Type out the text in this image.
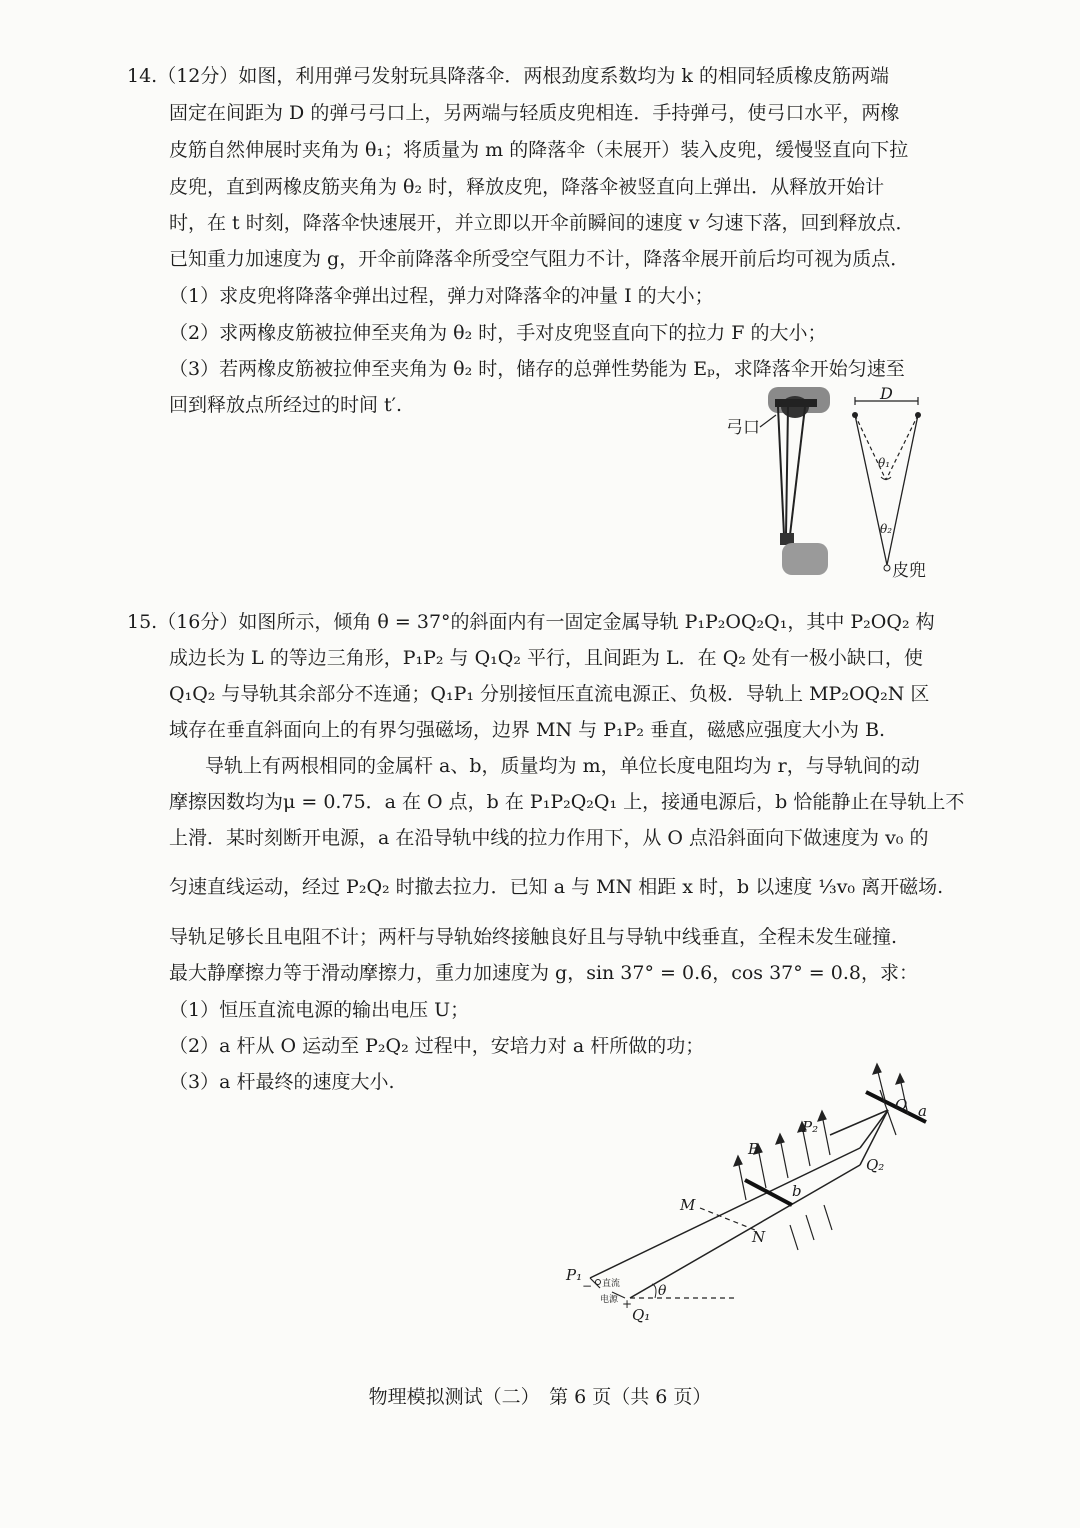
14.（12分）如图，利用弹弓发射玩具降落伞．两根劲度系数均为 k 的相同轻质橡皮筋两端
固定在间距为 D 的弹弓弓口上，另两端与轻质皮兜相连．手持弹弓，使弓口水平，两橡
皮筋自然伸展时夹角为 θ₁；将质量为 m 的降落伞（未展开）装入皮兜，缓慢竖直向下拉
皮兜，直到两橡皮筋夹角为 θ₂ 时，释放皮兜，降落伞被竖直向上弹出．从释放开始计
时，在 t 时刻，降落伞快速展开，并立即以开伞前瞬间的速度 v 匀速下落，回到释放点．
已知重力加速度为 g，开伞前降落伞所受空气阻力不计，降落伞展开前后均可视为质点．
（1）求皮兜将降落伞弹出过程，弹力对降落伞的冲量 I 的大小；
（2）求两橡皮筋被拉伸至夹角为 θ₂ 时，手对皮兜竖直向下的拉力 F 的大小；
（3）若两橡皮筋被拉伸至夹角为 θ₂ 时，储存的总弹性势能为 Eₚ，求降落伞开始匀速至
回到释放点所经过的时间 t′.
弓口
D
θ₁
θ₂
皮兜
15.（16分）如图所示，倾角 θ = 37°的斜面内有一固定金属导轨 P₁P₂OQ₂Q₁，其中 P₂OQ₂ 构
成边长为 L 的等边三角形，P₁P₂ 与 Q₁Q₂ 平行，且间距为 L．在 Q₂ 处有一极小缺口，使
Q₁Q₂ 与导轨其余部分不连通；Q₁P₁ 分别接恒压直流电源正、负极．导轨上 MP₂OQ₂N 区
域存在垂直斜面向上的有界匀强磁场，边界 MN 与 P₁P₂ 垂直，磁感应强度大小为 B.
导轨上有两根相同的金属杆 a、b，质量均为 m，单位长度电阻均为 r，与导轨间的动
摩擦因数均为μ = 0.75．a 在 O 点，b 在 P₁P₂Q₂Q₁ 上，接通电源后，b 恰能静止在导轨上不
上滑．某时刻断开电源，a 在沿导轨中线的拉力作用下，从 O 点沿斜面向下做速度为 v₀ 的
匀速直线运动，经过 P₂Q₂ 时撤去拉力．已知 a 与 MN 相距 x 时，b 以速度 ⅓v₀ 离开磁场.
导轨足够长且电阻不计；两杆与导轨始终接触良好且与导轨中线垂直，全程未发生碰撞.
最大静摩擦力等于滑动摩擦力，重力加速度为 g，sin 37° = 0.6，cos 37° = 0.8，求：
（1）恒压直流电源的输出电压 U；
（2）a 杆从 O 运动至 P₂Q₂ 过程中，安培力对 a 杆所做的功；
（3）a 杆最终的速度大小.
O a
P₂
B
Q₂
b
M
N
P₁
Q₁
θ
直流
电源
−
+
物理模拟测试（二）　第 6 页（共 6 页）
